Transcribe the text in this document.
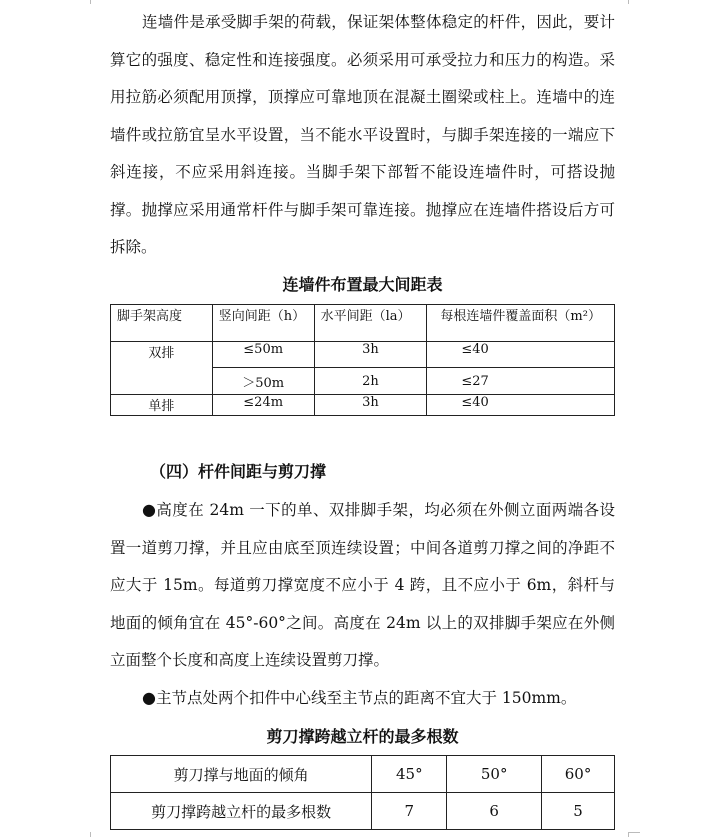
连墙件是承受脚手架的荷载，保证架体整体稳定的杆件，因此，要计算它的强度、稳定性和连接强度。必须采用可承受拉力和压力的构造。采用拉筋必须配用顶撑，顶撑应可靠地顶在混凝土圈梁或柱上。连墙中的连墙件或拉筋宜呈水平设置，当不能水平设置时，与脚手架连接的一端应下斜连接，不应采用斜连接。当脚手架下部暂不能设连墙件时，可搭设抛撑。抛撑应采用通常杆件与脚手架可靠连接。抛撑应在连墙件搭设后方可拆除。

连墙件布置最大间距表
脚手架高度	竖向间距（h）	水平间距（la）	每根连墙件覆盖面积（m²）
双排	≤50m	3h	≤40
	＞50m	2h	≤27
单排	≤24m	3h	≤40
（四）杆件间距与剪刀撑

●高度在 24m 一下的单、双排脚手架，均必须在外侧立面两端各设置一道剪刀撑，并且应由底至顶连续设置；中间各道剪刀撑之间的净距不应大于 15m。每道剪刀撑宽度不应小于 4 跨，且不应小于 6m，斜杆与地面的倾角宜在 45°-60°之间。高度在 24m 以上的双排脚手架应在外侧立面整个长度和高度上连续设置剪刀撑。

●主节点处两个扣件中心线至主节点的距离不宜大于 150mm。

剪刀撑跨越立杆的最多根数
剪刀撑与地面的倾角	45°	50°	60°
剪刀撑跨越立杆的最多根数	7	6	5
